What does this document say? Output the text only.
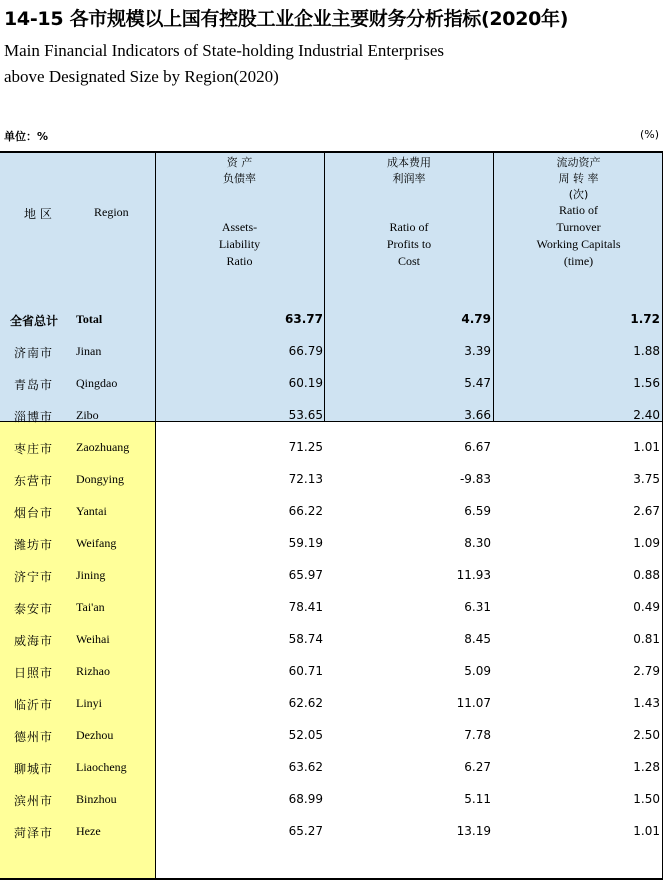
14-15 各市规模以上国有控股工业企业主要财务分析指标(2020年)
Main Financial Indicators of State-holding Industrial Enterprises
above Designated Size by Region(2020)
单位：%	(%)
地 区	Region
资 产
负债率
Assets-
Liability
Ratio
成本费用
利润率
Ratio of
Profits to
Cost
流动资产
周 转 率
(次)
Ratio of
Turnover
Working Capitals
(time)
全省总计 Total	63.77	4.79	1.72
济南市 Jinan	66.79	3.39	1.88
青岛市 Qingdao	60.19	5.47	1.56
淄博市 Zibo	53.65	3.66	2.40
枣庄市 Zaozhuang	71.25	6.67	1.01
东营市 Dongying	72.13	-9.83	3.75
烟台市 Yantai	66.22	6.59	2.67
潍坊市 Weifang	59.19	8.30	1.09
济宁市 Jining	65.97	11.93	0.88
泰安市 Tai'an	78.41	6.31	0.49
威海市 Weihai	58.74	8.45	0.81
日照市 Rizhao	60.71	5.09	2.79
临沂市 Linyi	62.62	11.07	1.43
德州市 Dezhou	52.05	7.78	2.50
聊城市 Liaocheng	63.62	6.27	1.28
滨州市 Binzhou	68.99	5.11	1.50
菏泽市 Heze	65.27	13.19	1.01
